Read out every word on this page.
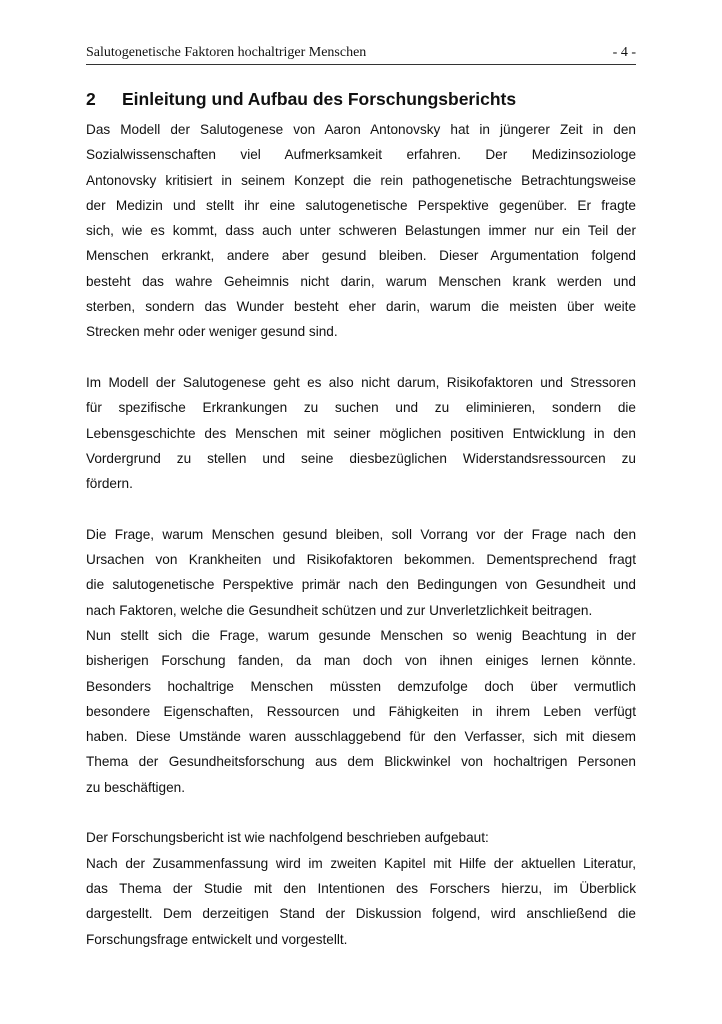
Salutogenetische Faktoren hochaltriger Menschen	- 4 -
2 Einleitung und Aufbau des Forschungsberichts
Das Modell der Salutogenese von Aaron Antonovsky hat in jüngerer Zeit in den
Sozialwissenschaften viel Aufmerksamkeit erfahren. Der Medizinsoziologe
Antonovsky kritisiert in seinem Konzept die rein pathogenetische Betrachtungsweise
der Medizin und stellt ihr eine salutogenetische Perspektive gegenüber. Er fragte
sich, wie es kommt, dass auch unter schweren Belastungen immer nur ein Teil der
Menschen erkrankt, andere aber gesund bleiben. Dieser Argumentation folgend
besteht das wahre Geheimnis nicht darin, warum Menschen krank werden und
sterben, sondern das Wunder besteht eher darin, warum die meisten über weite
Strecken mehr oder weniger gesund sind.
Im Modell der Salutogenese geht es also nicht darum, Risikofaktoren und Stressoren
für spezifische Erkrankungen zu suchen und zu eliminieren, sondern die
Lebensgeschichte des Menschen mit seiner möglichen positiven Entwicklung in den
Vordergrund zu stellen und seine diesbezüglichen Widerstandsressourcen zu
fördern.
Die Frage, warum Menschen gesund bleiben, soll Vorrang vor der Frage nach den
Ursachen von Krankheiten und Risikofaktoren bekommen. Dementsprechend fragt
die salutogenetische Perspektive primär nach den Bedingungen von Gesundheit und
nach Faktoren, welche die Gesundheit schützen und zur Unverletzlichkeit beitragen.
Nun stellt sich die Frage, warum gesunde Menschen so wenig Beachtung in der
bisherigen Forschung fanden, da man doch von ihnen einiges lernen könnte.
Besonders hochaltrige Menschen müssten demzufolge doch über vermutlich
besondere Eigenschaften, Ressourcen und Fähigkeiten in ihrem Leben verfügt
haben. Diese Umstände waren ausschlaggebend für den Verfasser, sich mit diesem
Thema der Gesundheitsforschung aus dem Blickwinkel von hochaltrigen Personen
zu beschäftigen.
Der Forschungsbericht ist wie nachfolgend beschrieben aufgebaut:
Nach der Zusammenfassung wird im zweiten Kapitel mit Hilfe der aktuellen Literatur,
das Thema der Studie mit den Intentionen des Forschers hierzu, im Überblick
dargestellt. Dem derzeitigen Stand der Diskussion folgend, wird anschließend die
Forschungsfrage entwickelt und vorgestellt.
